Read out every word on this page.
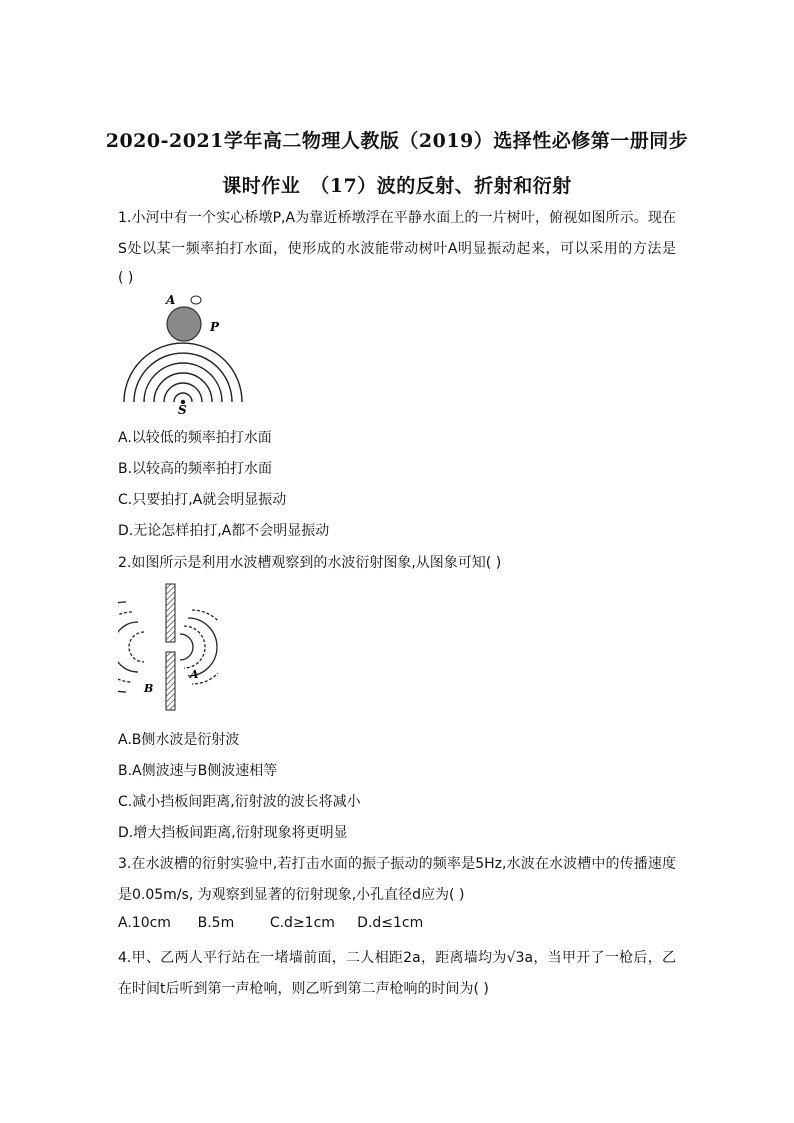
2020-2021学年高二物理人教版（2019）选择性必修第一册同步
课时作业　（17）波的反射、折射和衍射
1.小河中有一个实心桥墩P,A为靠近桥墩浮在平静水面上的一片树叶，俯视如图所示。现在
S处以某一频率拍打水面，使形成的水波能带动树叶A明显振动起来，可以采用的方法是
( )
A
P
S
A.以较低的频率拍打水面
B.以较高的频率拍打水面
C.只要拍打,A就会明显振动
D.无论怎样拍打,A都不会明显振动
2.如图所示是利用水波槽观察到的水波衍射图象,从图象可知( )
B
A
A.B侧水波是衍射波
B.A侧波速与B侧波速相等
C.减小挡板间距离,衍射波的波长将减小
D.增大挡板间距离,衍射现象将更明显
3.在水波槽的衍射实验中,若打击水面的振子振动的频率是5Hz,水波在水波槽中的传播速度
是0.05m/s, 为观察到显著的衍射现象,小孔直径d应为( )
A.10cm      B.5m        C.d≥1cm     D.d≤1cm
4.甲、乙两人平行站在一堵墙前面，二人相距2a，距离墙均为√3a，当甲开了一枪后，乙
在时间t后听到第一声枪响，则乙听到第二声枪响的时间为( )
